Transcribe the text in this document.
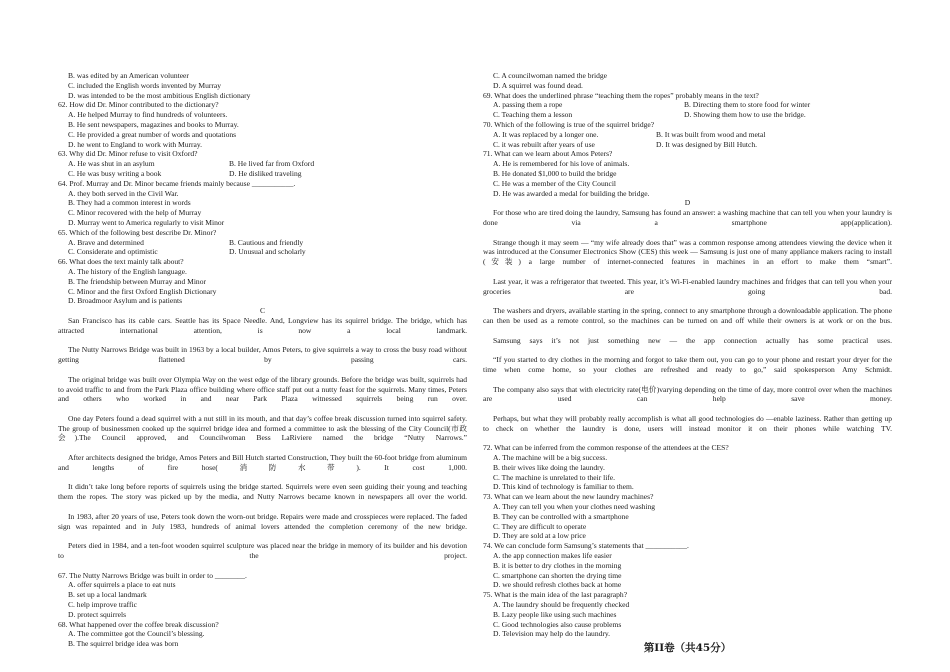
B. was edited by an American volunteer
C. included the English words invented by Murray
D. was intended to be the most ambitious English dictionary
62. How did Dr. Minor contributed to the dictionary?
A. He helped Murray to find hundreds of volunteers.
B. He sent newspapers, magazines and books to Murray.
C. He provided a great number of words and quotations
D. he went to England to work with Murray.
63. Why did Dr. Minor refuse to visit Oxford?
A. He was shut in an asylum	B. He lived far from Oxford
C. He was busy writing a book	D. He disliked traveling
64. Prof. Murray and Dr. Minor became friends mainly because ___________.
A. they both served in the Civil War.
B. They had a common interest in words
C. Minor recovered with the help of Murray
D. Murray went to America regularly to visit Minor
65. Which of the following best describe Dr. Minor?
A. Brave and determined	B. Cautious and friendly
C. Considerate and optimistic	D. Unusual and scholarly
66. What does the text mainly talk about?
A. The history of the English language.
B. The friendship between Murray and Minor
C. Minor and the first Oxford English Dictionary
D. Broadmoor Asylum and is patients
C
San Francisco has its cable cars. Seattle has its Space Needle. And, Longview has its squirrel bridge. The bridge, which has attracted international attention, is now a local landmark.
The Nutty Narrows Bridge was built in 1963 by a local builder, Amos Peters, to give squirrels a way to cross the busy road without getting flattened by passing cars.
The original bridge was built over Olympia Way on the west edge of the library grounds. Before the bridge was built, squirrels had to avoid traffic to and from the Park Plaza office building where office staff put out a nutty feast for the squirrels. Many times, Peters and others who worked in and near Park Plaza witnessed squirrels being run over.
One day Peters found a dead squirrel with a nut still in its mouth, and that day’s coffee break discussion turned into squirrel safety. The group of businessmen cooked up the squirrel bridge idea and formed a committee to ask the blessing of the City Council(市政会).The Council approved, and Councilwoman Bess LaRiviere named the bridge “Nutty Narrows.”
After architects designed the bridge, Amos Peters and Bill Hutch started Construction, They built the 60-foot bridge from aluminum and lengths of fire hose(消防水带). It cost 1,000.
It didn’t take long before reports of squirrels using the bridge started. Squirrels were even seen guiding their young and teaching them the ropes. The story was picked up by the media, and Nutty Narrows became known in newspapers all over the world.
In 1983, after 20 years of use, Peters took down the worn-out bridge. Repairs were made and crosspieces were replaced. The faded sign was repainted and in July 1983, hundreds of animal lovers attended the completion ceremony of the new bridge.
Peters died in 1984, and a ten-foot wooden squirrel sculpture was placed near the bridge in memory of its builder and his devotion to the project.
67. The Nutty Narrows Bridge was built in order to ________.
A. offer squirrels a place to eat nuts
B. set up a local landmark
C. help improve traffic
D. protect squirrels
68. What happened over the coffee break discussion?
A. The committee got the Council’s blessing.
B. The squirrel bridge idea was born
C. A councilwoman named the bridge
D. A squirrel was found dead.
69. What does the underlined phrase “teaching them the ropes” probably means in the text?
A. passing them a rope	B. Directing them to store food for winter
C. Teaching them a lesson	D. Showing them how to use the bridge.
70. Which of the following is true of the squirrel bridge?
A. It was replaced by a longer one.	B. It was built from wood and metal
C. it was rebuilt after years of use	D. It was designed by Bill Hutch.
71. What can we learn about Amos Peters?
A. He is remembered for his love of animals.
B. He donated $1,000 to build the bridge
C. He was a member of the City Council
D. He was awarded a medal for building the bridge.
D
For those who are tired doing the laundry, Samsung has found an answer: a washing machine that can tell you when your laundry is done via a smartphone app(application).
Strange though it may seem — “my wife already does that” was a common response among attendees viewing the device when it was introduced at the Consumer Electronics Show (CES) this week — Samsung is just one of many appliance makers racing to install (安装) a large number of internet-connected features in machines in an effort to make them “smart”.
Last year, it was a refrigerator that tweeted. This year, it’s Wi-Fi-enabled laundry machines and fridges that can tell you when your groceries are going bad.
The washers and dryers, available starting in the spring, connect to any smartphone through a downloadable application. The phone can then be used as a remote control, so the machines can be turned on and off while their owners is at work or on the bus.
Samsung says it’s not just something new — the app connection actually has some practical uses.
“If you started to dry clothes in the morning and forgot to take them out, you can go to your phone and restart your dryer for the time when come home, so your clothes are refreshed and ready to go,” said spokesperson Amy Schmidt.
The company also says that with electricity rate(电价)varying depending on the time of day, more control over when the machines are used can help save money.
Perhaps, but what they will probably really accomplish is what all good technologies do —enable laziness. Rather than getting up to check on whether the laundry is done, users will instead monitor it on their phones while watching TV.
72. What can be inferred from the common response of the attendees at the CES?
A. The machine will be a big success.
B. their wives like doing the laundry.
C. The machine is unrelated to their life.
D. This kind of technology is familiar to them.
73. What can we learn about the new laundry machines?
A. They can tell you when your clothes need washing
B. They can be controlled with a smartphone
C. They are difficult to operate
D. They are sold at a low price
74. We can conclude form Samsung’s statements that ___________.
A. the app connection makes life easier
B. it is better to dry clothes in the morning
C. smartphone can shorten the drying time
D. we should refresh clothes back at home
75. What is the main idea of the last paragraph?
A. The laundry should be frequently checked
B. Lazy people like using such machines
C. Good technologies also cause problems
D. Television may help do the laundry.
第II卷（共45分）
